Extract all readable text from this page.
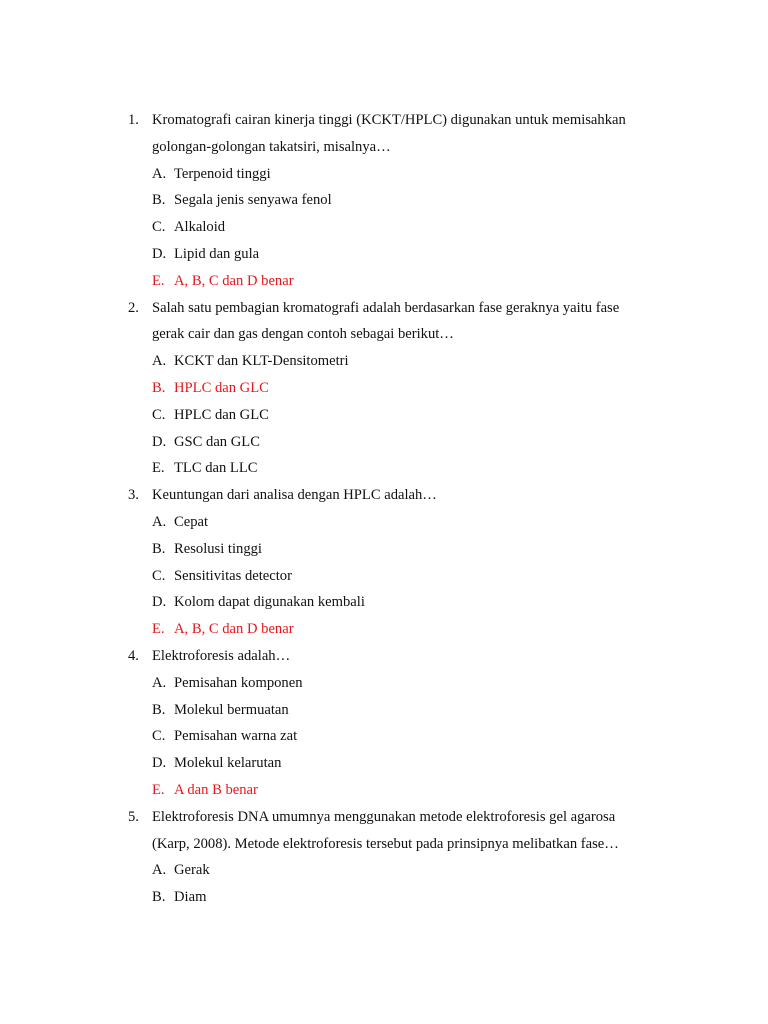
1. Kromatografi cairan kinerja tinggi (KCKT/HPLC) digunakan untuk memisahkan
golongan-golongan takatsiri, misalnya…
A. Terpenoid tinggi
B. Segala jenis senyawa fenol
C. Alkaloid
D. Lipid dan gula
E. A, B, C dan D benar
2. Salah satu pembagian kromatografi adalah berdasarkan fase geraknya yaitu fase
gerak cair dan gas dengan contoh sebagai berikut…
A. KCKT dan KLT-Densitometri
B. HPLC dan GLC
C. HPLC dan GLC
D. GSC dan GLC
E. TLC dan LLC
3. Keuntungan dari analisa dengan HPLC adalah…
A. Cepat
B. Resolusi tinggi
C. Sensitivitas detector
D. Kolom dapat digunakan kembali
E. A, B, C dan D benar
4. Elektroforesis adalah…
A. Pemisahan komponen
B. Molekul bermuatan
C. Pemisahan warna zat
D. Molekul kelarutan
E. A dan B benar
5. Elektroforesis DNA umumnya menggunakan metode elektroforesis gel agarosa
(Karp, 2008). Metode elektroforesis tersebut pada prinsipnya melibatkan fase…
A. Gerak
B. Diam
